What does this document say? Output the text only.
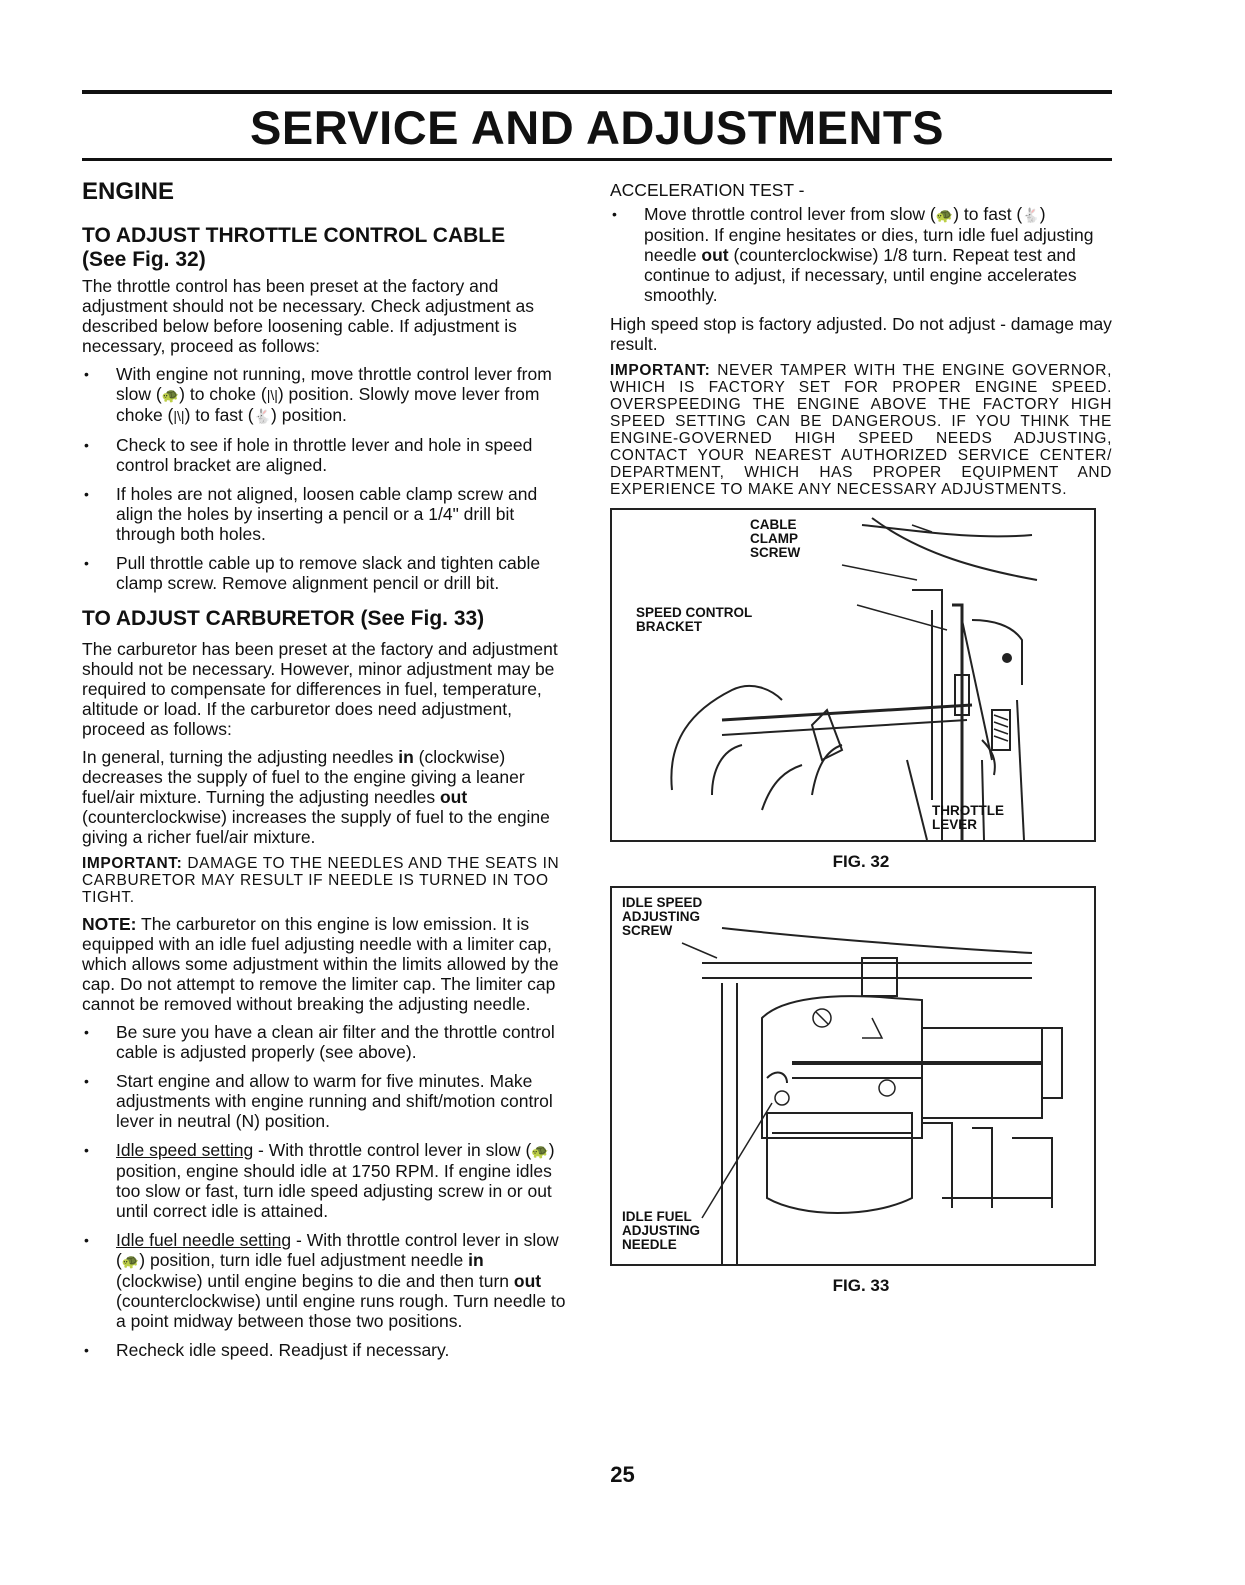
SERVICE AND ADJUSTMENTS
ENGINE
TO ADJUST THROTTLE CONTROL CABLE
(See Fig. 32)

The throttle control has been preset at the factory and adjustment should not be necessary. Check adjustment as described below before loosening cable. If adjustment is necessary, proceed as follows:

• With engine not running, move throttle control lever from slow (🐢) to choke (|\|) position. Slowly move lever from choke (|\|) to fast (🐇) position.
• Check to see if hole in throttle lever and hole in speed control bracket are aligned.
• If holes are not aligned, loosen cable clamp screw and align the holes by inserting a pencil or a 1/4" drill bit through both holes.
• Pull throttle cable up to remove slack and tighten cable clamp screw. Remove alignment pencil or drill bit.
TO ADJUST CARBURETOR (See Fig. 33)

The carburetor has been preset at the factory and adjustment should not be necessary. However, minor adjustment may be required to compensate for differences in fuel, temperature, altitude or load. If the carburetor does need adjustment, proceed as follows:

In general, turning the adjusting needles in (clockwise) decreases the supply of fuel to the engine giving a leaner fuel/air mixture. Turning the adjusting needles out (counterclockwise) increases the supply of fuel to the engine giving a richer fuel/air mixture.

IMPORTANT: DAMAGE TO THE NEEDLES AND THE SEATS IN CARBURETOR MAY RESULT IF NEEDLE IS TURNED IN TOO TIGHT.

NOTE: The carburetor on this engine is low emission. It is equipped with an idle fuel adjusting needle with a limiter cap, which allows some adjustment within the limits allowed by the cap. Do not attempt to remove the limiter cap. The limiter cap cannot be removed without breaking the adjusting needle.

• Be sure you have a clean air filter and the throttle control cable is adjusted properly (see above).
• Start engine and allow to warm for five minutes. Make adjustments with engine running and shift/motion control lever in neutral (N) position.
• Idle speed setting - With throttle control lever in slow (🐢) position, engine should idle at 1750 RPM. If engine idles too slow or fast, turn idle speed adjusting screw in or out until correct idle is attained.
• Idle fuel needle setting - With throttle control lever in slow (🐢) position, turn idle fuel adjustment needle in (clockwise) until engine begins to die and then turn out (counterclockwise) until engine runs rough. Turn needle to a point midway between those two positions.
• Recheck idle speed. Readjust if necessary.

ACCELERATION TEST -

• Move throttle control lever from slow (🐢) to fast (🐇) position. If engine hesitates or dies, turn idle fuel adjusting needle out (counterclockwise) 1/8 turn. Repeat test and continue to adjust, if necessary, until engine accelerates smoothly.

High speed stop is factory adjusted. Do not adjust - damage may result.

IMPORTANT: NEVER TAMPER WITH THE ENGINE GOVERNOR, WHICH IS FACTORY SET FOR PROPER ENGINE SPEED. OVERSPEEDING THE ENGINE ABOVE THE FACTORY HIGH SPEED SETTING CAN BE DANGEROUS. IF YOU THINK THE ENGINE-GOVERNED HIGH SPEED NEEDS ADJUSTING, CONTACT YOUR NEAREST AUTHORIZED SERVICE CENTER/ DEPARTMENT, WHICH HAS PROPER EQUIPMENT AND EXPERIENCE TO MAKE ANY NECESSARY ADJUSTMENTS.

CABLE
CLAMP
SCREW
SPEED CONTROL
BRACKET
THROTTLE
LEVER
FIG. 32
IDLE SPEED
ADJUSTING
SCREW
IDLE FUEL
ADJUSTING
NEEDLE
FIG. 33
25
